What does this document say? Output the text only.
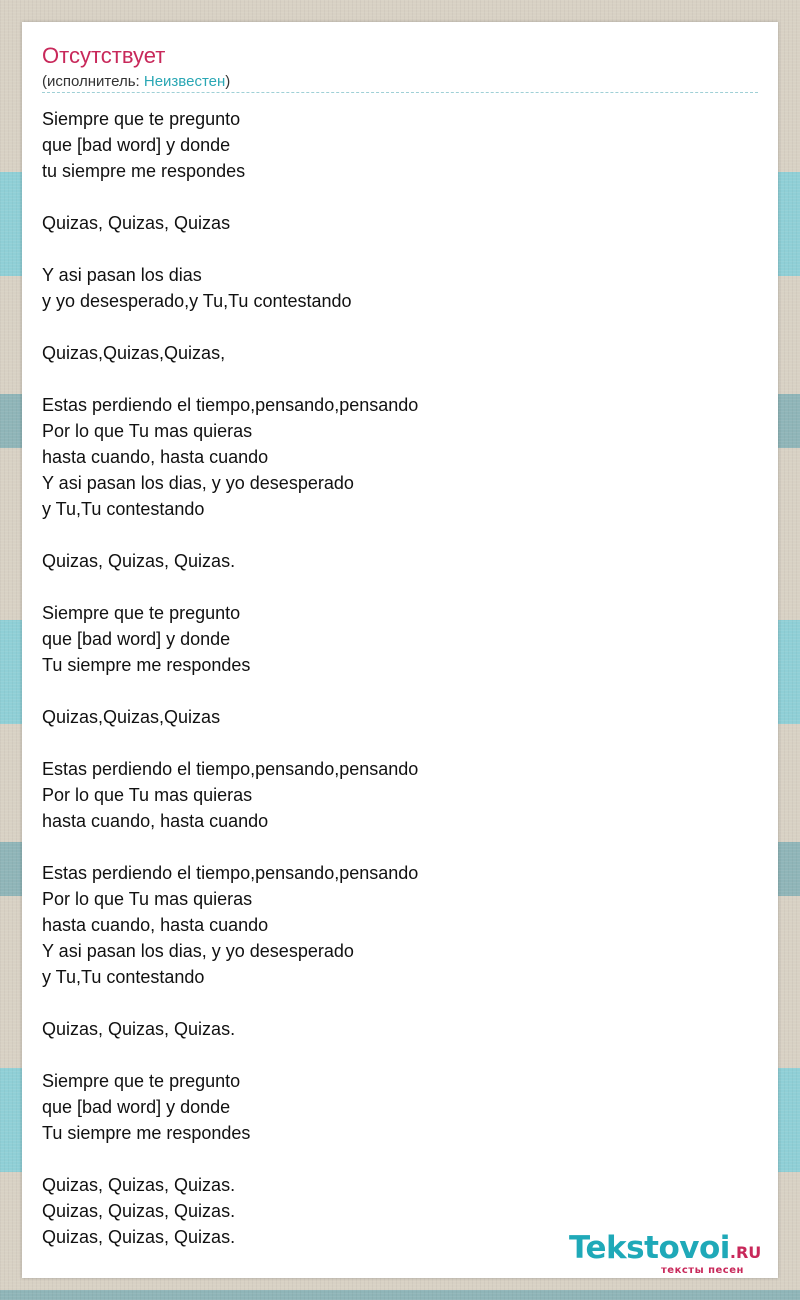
Отсутствует
(исполнитель: Неизвестен)
Siempre que te pregunto
que [bad word] y donde
tu siempre me respondes
Quizas, Quizas, Quizas
Y asi pasan los dias
y yo desesperado,y Tu,Tu contestando
Quizas,Quizas,Quizas,
Estas perdiendo el tiempo,pensando,pensando
Por lo que Tu mas quieras
hasta cuando, hasta cuando
Y asi pasan los dias, y yo desesperado
y Tu,Tu contestando
Quizas, Quizas, Quizas.
Siempre que te pregunto
que [bad word] y donde
Tu siempre me respondes
Quizas,Quizas,Quizas
Estas perdiendo el tiempo,pensando,pensando
Por lo que Tu mas quieras
hasta cuando, hasta cuando
Estas perdiendo el tiempo,pensando,pensando
Por lo que Tu mas quieras
hasta cuando, hasta cuando
Y asi pasan los dias, y yo desesperado
y Tu,Tu contestando
Quizas, Quizas, Quizas.
Siempre que te pregunto
que [bad word] y donde
Tu siempre me respondes
Quizas, Quizas, Quizas.
Quizas, Quizas, Quizas.
Quizas, Quizas, Quizas.	Tekstovoi.RU
тексты песен
